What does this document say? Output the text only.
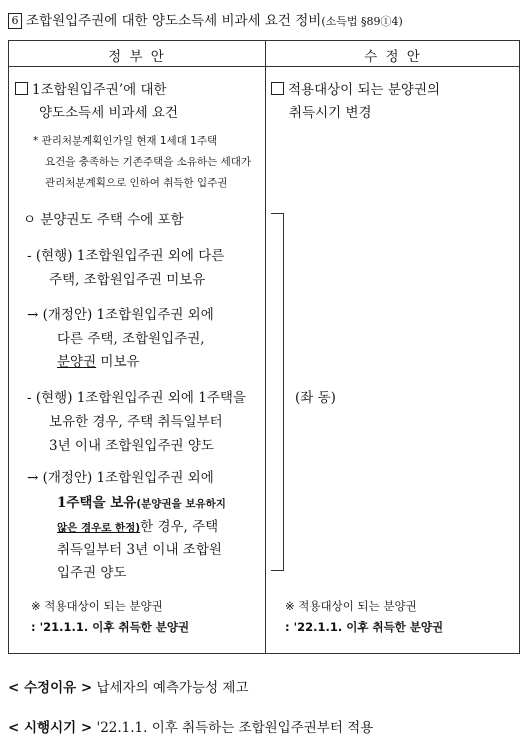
6 조합원입주권에 대한 양도소득세 비과세 요건 정비(소득법 §89①4)
정 부 안	수 정 안
1조합원입주권’에 대한
양도소득세 비과세 요건
* 관리처분계획인가일 현재 1세대 1주택
요건을 충족하는 기존주택을 소유하는 세대가
관리처분계획으로 인하여 취득한 입주권
ㅇ 분양권도 주택 수에 포함
- (현행) 1조합원입주권 외에 다른
주택, 조합원입주권 미보유
→ (개정안) 1조합원입주권 외에
다른 주택, 조합원입주권,
분양권 미보유
- (현행) 1조합원입주권 외에 1주택을
보유한 경우, 주택 취득일부터
3년 이내 조합원입주권 양도
→ (개정안) 1조합원입주권 외에
1주택을 보유(분양권을 보유하지
않은 경우로 한정)한 경우, 주택
취득일부터 3년 이내 조합원
입주권 양도
※ 적용대상이 되는 분양권
: '21.1.1. 이후 취득한 분양권
적용대상이 되는 분양권의
취득시기 변경
(좌 동)
※ 적용대상이 되는 분양권
: '22.1.1. 이후 취득한 분양권
< 수정이유 > 납세자의 예측가능성 제고
< 시행시기 > '22.1.1. 이후 취득하는 조합원입주권부터 적용
